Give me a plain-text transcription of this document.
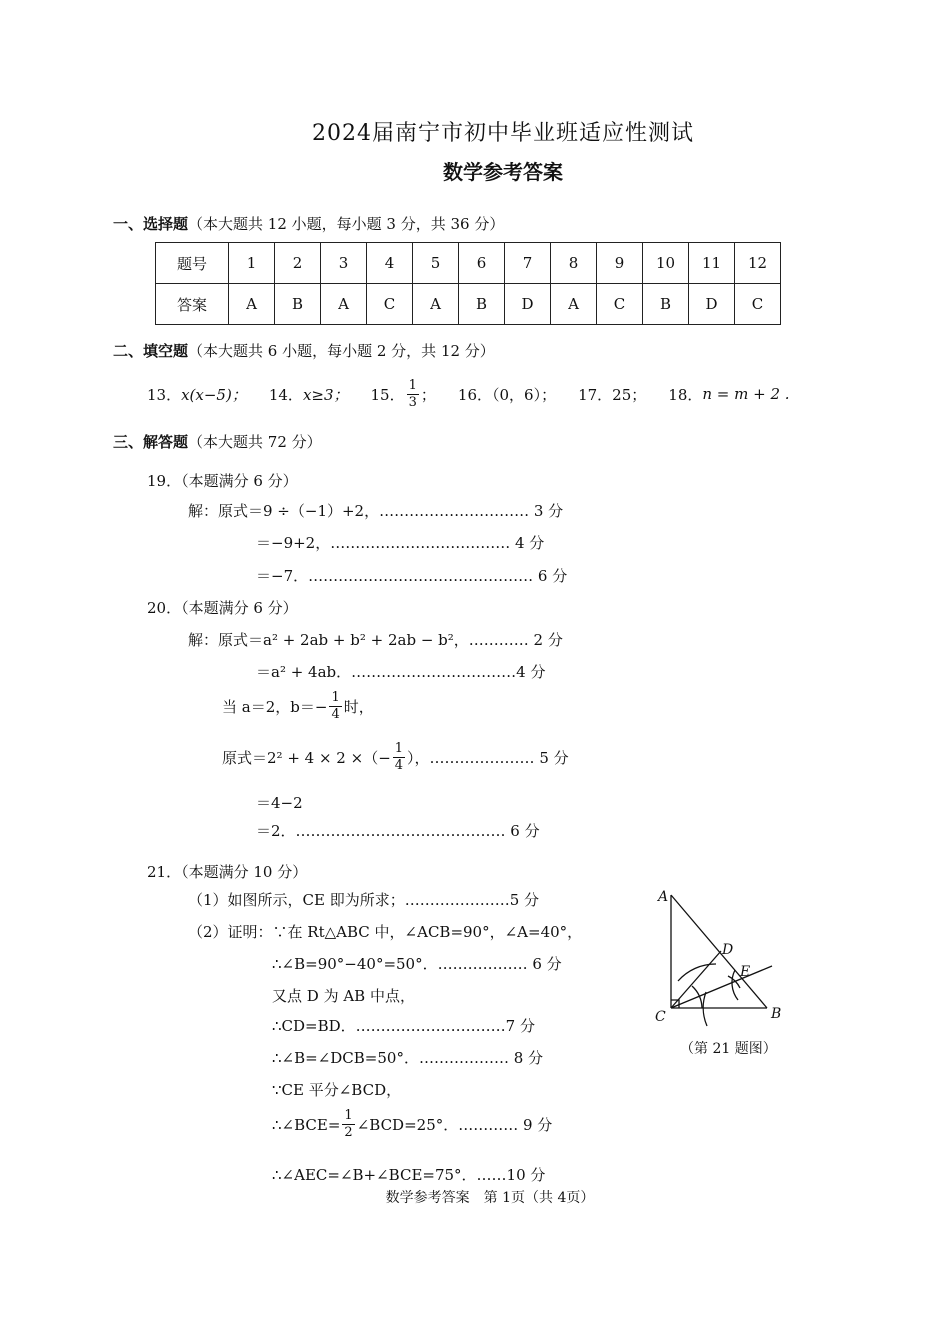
2024届南宁市初中毕业班适应性测试
数学参考答案
一、选择题（本大题共 12 小题，每小题 3 分，共 36 分）
题号	1	2	3	4	5	6	7	8	9	10	11	12
答案	A	B	A	C	A	B	D	A	C	B	D	C
二、填空题（本大题共 6 小题，每小题 2 分，共 12 分）
13． x(x−5)； 14． x≥3； 15． $\frac{1}{3}$ ； 16．（0，6）； 17．25； 18． n = m + 2 .
三、解答题（本大题共 72 分）
19．（本题满分 6 分）
解：原式＝9 ÷（−1）+2，………………………… 3 分
＝−9+2，……………………………… 4 分
＝−7．……………………………………… 6 分
20．（本题满分 6 分）
解：原式＝a² + 2ab + b² + 2ab − b²，………… 2 分
＝a² + 4ab．……………………………4 分
当 a＝2，$b=- \frac{1}{4}$ 时，
原式＝2² + 4 × 2 ×（− $\frac{1}{4}$ ），………………… 5 分
＝4−2
＝2．…………………………………… 6 分
21．（本题满分 10 分）
（1）如图所示，CE 即为所求；…………………5 分
（2）证明：∵在 Rt△ABC 中，∠ACB=90°，∠A=40°，
∴∠B=90°−40°=50°．……………… 6 分
又点 D 为 AB 中点，
∴CD=BD．…………………………7 分
∴∠B=∠DCB=50°．……………… 8 分
∵CE 平分∠BCD，
∴∠BCE= $\frac{1}{2}$ ∠BCD=25°．………… 9 分
∴∠AEC=∠B+∠BCE=75°．……10 分
A
B
C
D
E
（第 21 题图）
数学参考答案　第 1页（共 4页）
